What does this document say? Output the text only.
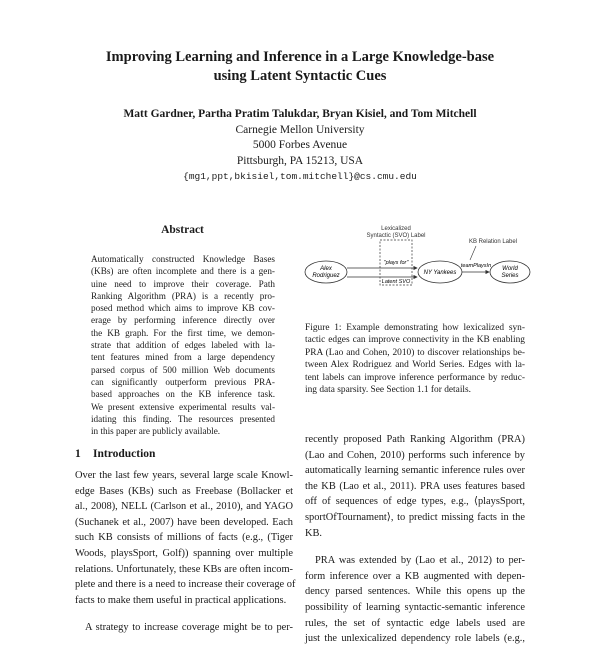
Improving Learning and Inference in a Large Knowledge-base
using Latent Syntactic Cues
Matt Gardner, Partha Pratim Talukdar, Bryan Kisiel, and Tom Mitchell
Carnegie Mellon University
5000 Forbes Avenue
Pittsburgh, PA 15213, USA
{mg1,ppt,bkisiel,tom.mitchell}@cs.cmu.edu
Abstract
Automatically constructed Knowledge Bases
(KBs) are often incomplete and there is a gen-
uine need to improve their coverage. Path
Ranking Algorithm (PRA) is a recently pro-
posed method which aims to improve KB cov-
erage by performing inference directly over
the KB graph. For the first time, we demon-
strate that addition of edges labeled with la-
tent features mined from a large dependency
parsed corpus of 500 million Web documents
can significantly outperform previous PRA-
based approaches on the KB inference task.
We present extensive experimental results val-
idating this finding. The resources presented
in this paper are publicly available.
Lexicalized
Syntactic (SVO) Label
KB Relation Label
Alex
Rodriguez	NY Yankees
World
Series
"plays for"
Latent SVO
teamPlaysIn
Figure 1: Example demonstrating how lexicalized syn-
tactic edges can improve connectivity in the KB enabling
PRA (Lao and Cohen, 2010) to discover relationships be-
tween Alex Rodriguez and World Series. Edges with la-
tent labels can improve inference performance by reduc-
ing data sparsity. See Section 1.1 for details.
1 Introduction
Over the last few years, several large scale Knowl-
edge Bases (KBs) such as Freebase (Bollacker et
al., 2008), NELL (Carlson et al., 2010), and YAGO
(Suchanek et al., 2007) have been developed. Each
such KB consists of millions of facts (e.g., (Tiger
Woods, playsSport, Golf)) spanning over multiple
relations. Unfortunately, these KBs are often incom-
plete and there is a need to increase their coverage of
facts to make them useful in practical applications.
A strategy to increase coverage might be to per-
recently proposed Path Ranking Algorithm (PRA)
(Lao and Cohen, 2010) performs such inference by
automatically learning semantic inference rules over
the KB (Lao et al., 2011). PRA uses features based
off of sequences of edge types, e.g., ⟨playsSport,
sportOfTournament⟩, to predict missing facts in the
KB.
PRA was extended by (Lao et al., 2012) to per-
form inference over a KB augmented with depen-
dency parsed sentences. While this opens up the
possibility of learning syntactic-semantic inference
rules, the set of syntactic edge labels used are
just the unlexicalized dependency role labels (e.g.,
